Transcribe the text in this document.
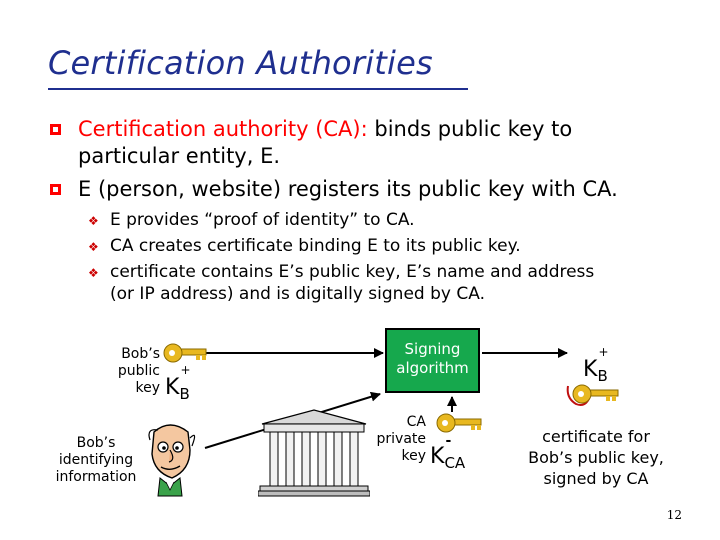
Certification Authorities
Certification authority (CA): binds public key to
particular entity, E.
E (person, website) registers its public key with CA.
❖ E provides “proof of identity” to CA.
❖ CA creates certificate binding E to its public key.
❖ certificate contains E’s public key, E’s name and address
(or IP address) and is digitally signed by CA.
Bob’s
public
key K
+
$_B$
Bob’s
identifying
information
Signing
algorithm
CA
private
key K
-
$_{CA}$
K
+
$_B$
certificate for
Bob’s public key,
signed by CA
12
